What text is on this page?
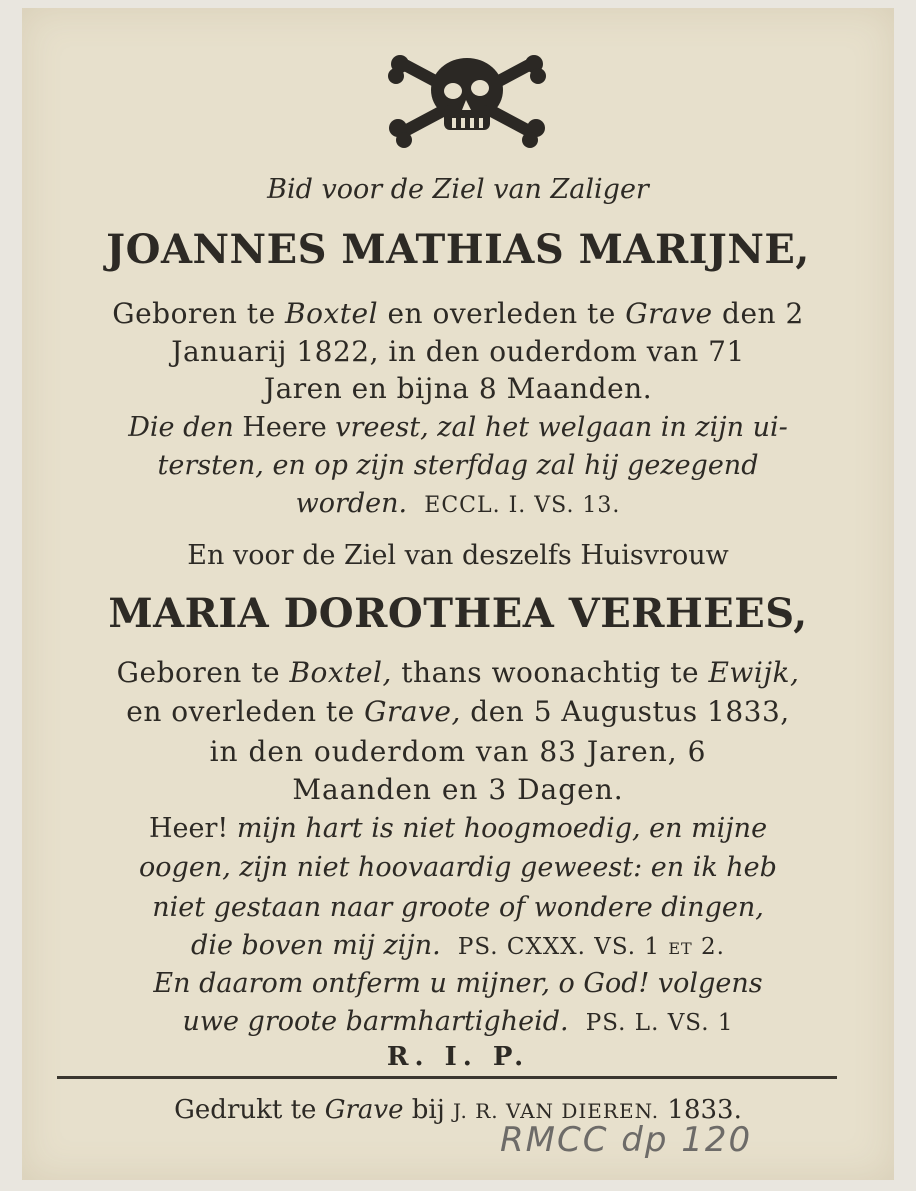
Bid voor de Ziel van Zaliger
JOANNES MATHIAS MARIJNE,
Geboren te Boxtel en overleden te Grave den 2
Januarij 1822, in den ouderdom van 71
Jaren en bijna 8 Maanden.
Die den Heere vreest, zal het welgaan in zijn ui-
tersten, en op zijn sterfdag zal hij gezegend
worden. ECCL. I. VS. 13.
En voor de Ziel van deszelfs Huisvrouw
MARIA DOROTHEA VERHEES,
Geboren te Boxtel, thans woonachtig te Ewijk,
en overleden te Grave, den 5 Augustus 1833,
in den ouderdom van 83 Jaren, 6
Maanden en 3 Dagen.
Heer! mijn hart is niet hoogmoedig, en mijne
oogen, zijn niet hoovaardig geweest: en ik heb
niet gestaan naar groote of wondere dingen,
die boven mij zijn. PS. CXXX. VS. 1 et 2.
En daarom ontferm u mijner, o God! volgens
uwe groote barmhartigheid. PS. L. VS. 1
R. I. P.
Gedrukt te Grave bij J. R. VAN DIEREN. 1833.
RMCC dp 120
